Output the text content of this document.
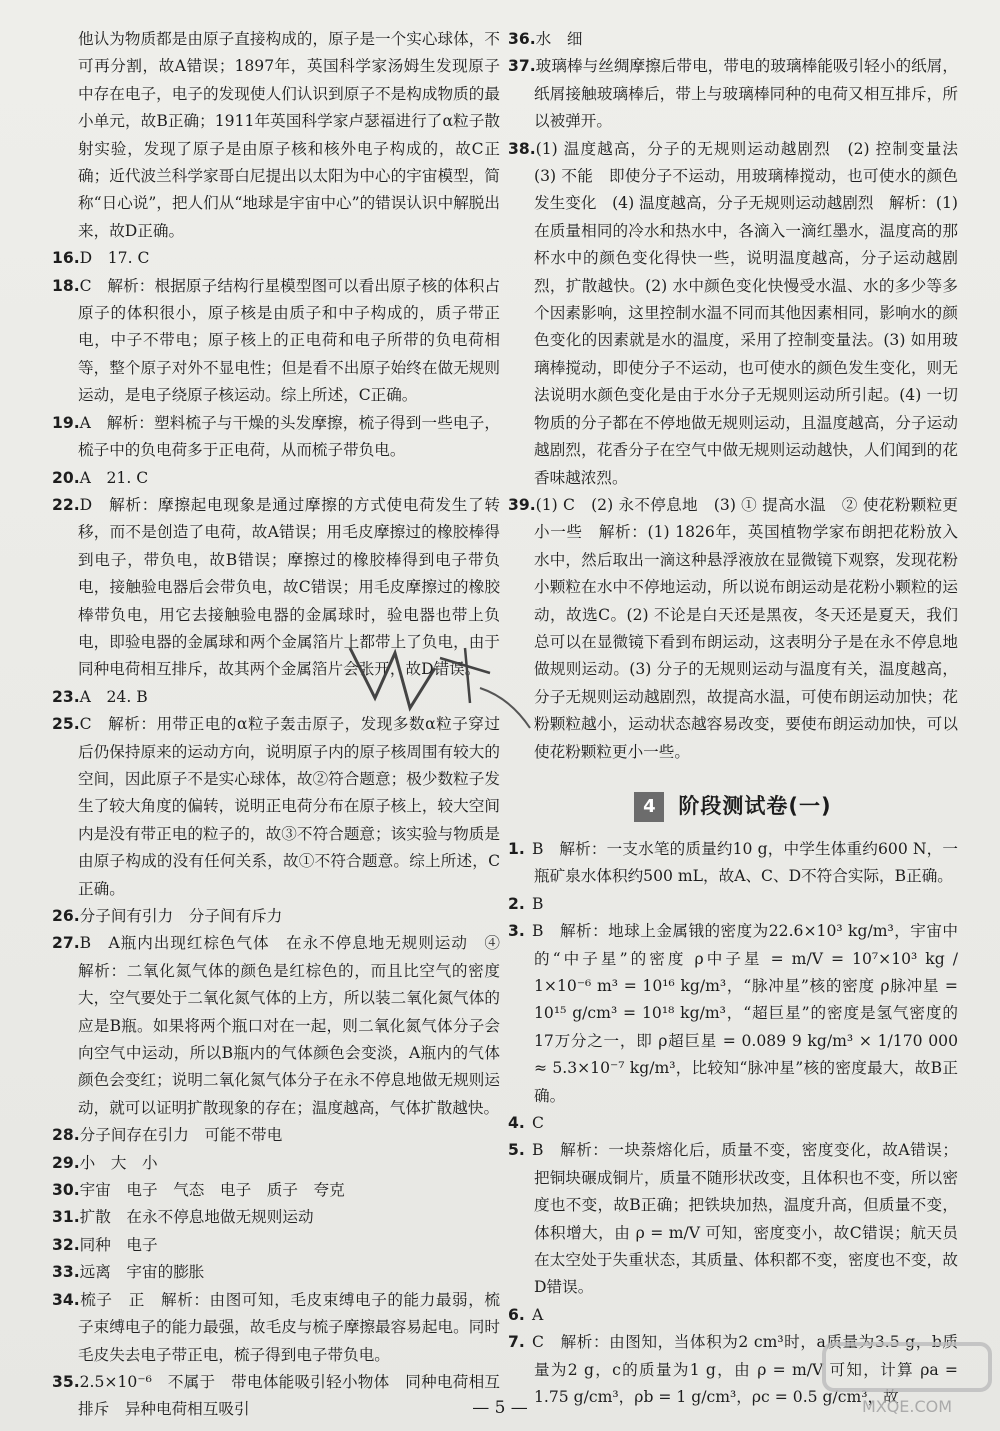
他认为物质都是由原子直接构成的，原子是一个实心球体，不可再分割，故A错误；1897年，英国科学家汤姆生发现原子中存在电子，电子的发现使人们认识到原子不是构成物质的最小单元，故B正确；1911年英国科学家卢瑟福进行了α粒子散射实验，发现了原子是由原子核和核外电子构成的，故C正确；近代波兰科学家哥白尼提出以太阳为中心的宇宙模型，简称“日心说”，把人们从“地球是宇宙中心”的错误认识中解脱出来，故D正确。

16.D　17. C

18.C　解析：根据原子结构行星模型图可以看出原子核的体积占原子的体积很小，原子核是由质子和中子构成的，质子带正电，中子不带电；原子核上的正电荷和电子所带的负电荷相等，整个原子对外不显电性；但是看不出原子始终在做无规则运动，是电子绕原子核运动。综上所述，C正确。

19.A　解析：塑料梳子与干燥的头发摩擦，梳子得到一些电子，梳子中的负电荷多于正电荷，从而梳子带负电。

20.A　21. C

22.D　解析：摩擦起电现象是通过摩擦的方式使电荷发生了转移，而不是创造了电荷，故A错误；用毛皮摩擦过的橡胶棒得到电子，带负电，故B错误；摩擦过的橡胶棒得到电子带负电，接触验电器后会带负电，故C错误；用毛皮摩擦过的橡胶棒带负电，用它去接触验电器的金属球时，验电器也带上负电，即验电器的金属球和两个金属箔片上都带上了负电，由于同种电荷相互排斥，故其两个金属箔片会张开，故D错误。

23.A　24. B

25.C　解析：用带正电的α粒子轰击原子，发现多数α粒子穿过后仍保持原来的运动方向，说明原子内的原子核周围有较大的空间，因此原子不是实心球体，故②符合题意；极少数粒子发生了较大角度的偏转，说明正电荷分布在原子核上，较大空间内是没有带正电的粒子的，故③不符合题意；该实验与物质是由原子构成的没有任何关系，故①不符合题意。综上所述，C正确。

26.分子间有引力　分子间有斥力

27.B　A瓶内出现红棕色气体　在永不停息地无规则运动　④　解析：二氧化氮气体的颜色是红棕色的，而且比空气的密度大，空气要处于二氧化氮气体的上方，所以装二氧化氮气体的应是B瓶。如果将两个瓶口对在一起，则二氧化氮气体分子会向空气中运动，所以B瓶内的气体颜色会变淡，A瓶内的气体颜色会变红；说明二氧化氮气体分子在永不停息地做无规则运动，就可以证明扩散现象的存在；温度越高，气体扩散越快。

28.分子间存在引力　可能不带电

29.小　大　小

30.宇宙　电子　气态　电子　质子　夸克

31.扩散　在永不停息地做无规则运动

32.同种　电子

33.远离　宇宙的膨胀

34.梳子　正　解析：由图可知，毛皮束缚电子的能力最弱，梳子束缚电子的能力最强，故毛皮与梳子摩擦最容易起电。同时毛皮失去电子带正电，梳子得到电子带负电。

35.2.5×10⁻⁶　不属于　带电体能吸引轻小物体　同种电荷相互排斥　异种电荷相互吸引

36.水　细

37.玻璃棒与丝绸摩擦后带电，带电的玻璃棒能吸引轻小的纸屑，纸屑接触玻璃棒后，带上与玻璃棒同种的电荷又相互排斥，所以被弹开。

38.(1) 温度越高，分子的无规则运动越剧烈　(2) 控制变量法　(3) 不能　即使分子不运动，用玻璃棒搅动，也可使水的颜色发生变化　(4) 温度越高，分子无规则运动越剧烈　解析：(1) 在质量相同的冷水和热水中，各滴入一滴红墨水，温度高的那杯水中的颜色变化得快一些，说明温度越高，分子运动越剧烈，扩散越快。(2) 水中颜色变化快慢受水温、水的多少等多个因素影响，这里控制水温不同而其他因素相同，影响水的颜色变化的因素就是水的温度，采用了控制变量法。(3) 如用玻璃棒搅动，即使分子不运动，也可使水的颜色发生变化，则无法说明水颜色变化是由于水分子无规则运动所引起。(4) 一切物质的分子都在不停地做无规则运动，且温度越高，分子运动越剧烈，花香分子在空气中做无规则运动越快，人们闻到的花香味越浓烈。

39.(1) C　(2) 永不停息地　(3) ① 提高水温　② 使花粉颗粒更小一些　解析：(1) 1826年，英国植物学家布朗把花粉放入水中，然后取出一滴这种悬浮液放在显微镜下观察，发现花粉小颗粒在水中不停地运动，所以说布朗运动是花粉小颗粒的运动，故选C。(2) 不论是白天还是黑夜，冬天还是夏天，我们总可以在显微镜下看到布朗运动，这表明分子是在永不停息地做规则运动。(3) 分子的无规则运动与温度有关，温度越高，分子无规则运动越剧烈，故提高水温，可使布朗运动加快；花粉颗粒越小，运动状态越容易改变，要使布朗运动加快，可以使花粉颗粒更小一些。

4	阶段测试卷(一)

1. B　解析：一支水笔的质量约10 g，中学生体重约600 N，一瓶矿泉水体积约500 mL，故A、C、D不符合实际，B正确。

2. B

3. B　解析：地球上金属锇的密度为22.6×10³ kg/m³，宇宙中的“中子星”的密度 ρ中子星 = m/V = 10⁷×10³ kg / 1×10⁻⁶ m³ = 10¹⁶ kg/m³，“脉冲星”核的密度 ρ脉冲星 = 10¹⁵ g/cm³ = 10¹⁸ kg/m³，“超巨星”的密度是氢气密度的17万分之一，即 ρ超巨星 = 0.089 9 kg/m³ × 1/170 000 ≈ 5.3×10⁻⁷ kg/m³，比较知“脉冲星”核的密度最大，故B正确。

4. C

5. B　解析：一块萘熔化后，质量不变，密度变化，故A错误；把铜块碾成铜片，质量不随形状改变，且体积也不变，所以密度也不变，故B正确；把铁块加热，温度升高，但质量不变，体积增大，由 ρ = m/V 可知，密度变小，故C错误；航天员在太空处于失重状态，其质量、体积都不变，密度也不变，故D错误。

6. A

7. C　解析：由图知，当体积为2 cm³时，a质量为3.5 g，b质量为2 g，c的质量为1 g，由 ρ = m/V 可知，计算 ρa = 1.75 g/cm³，ρb = 1 g/cm³，ρc = 0.5 g/cm³，故

— 5 —	MXQE.COM
